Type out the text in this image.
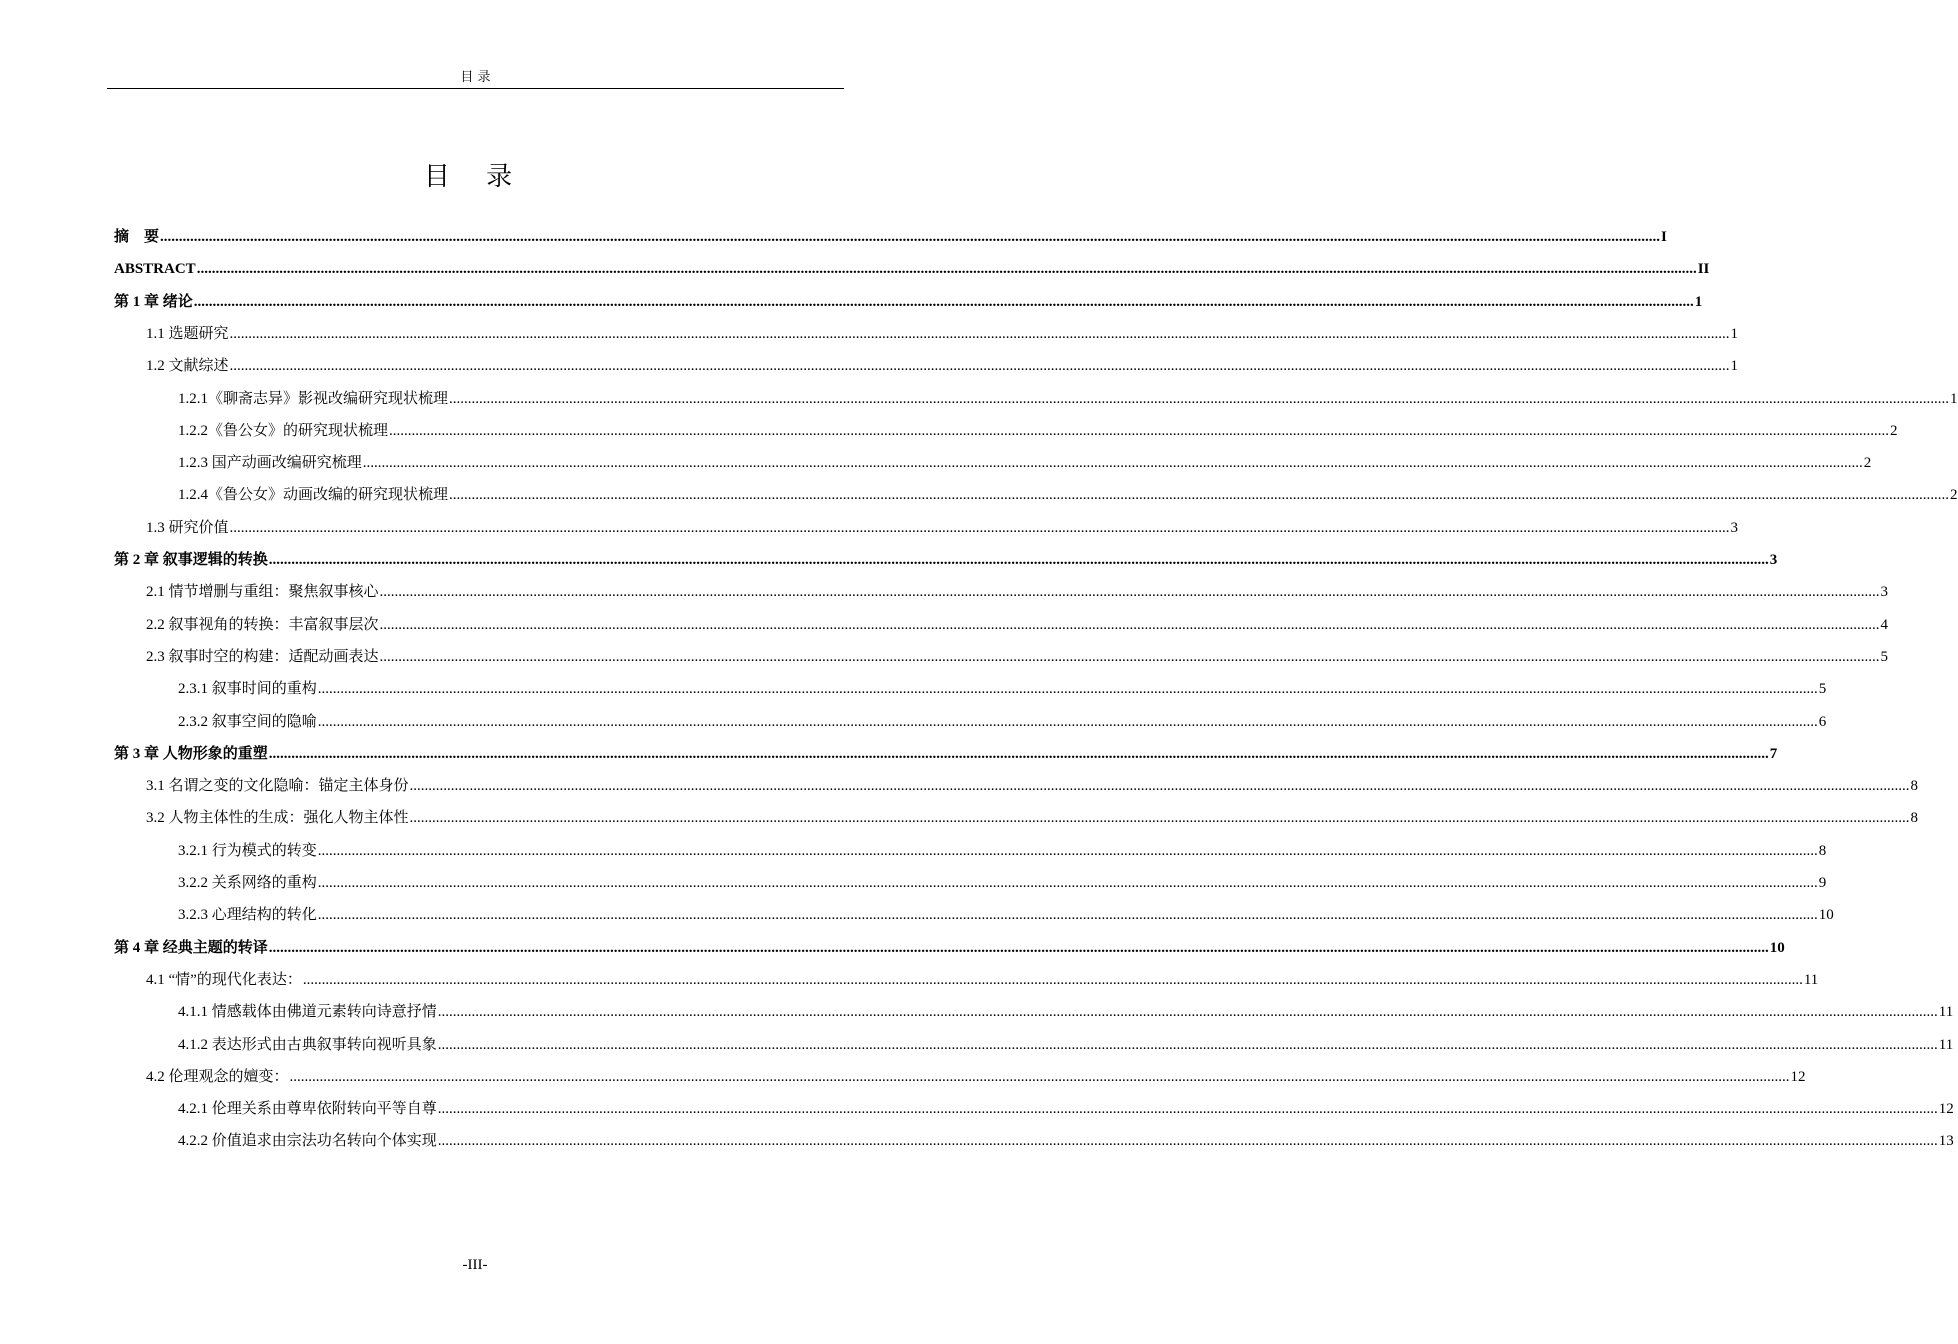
目 录
目 录
摘　要 ................................................................................................................................................................................................................................................................................................................................................................................................................ I
ABSTRACT ................................................................................................................................................................................................................................................................................................................................................................................................................ II
第 1 章 绪论 ................................................................................................................................................................................................................................................................................................................................................................................................................ 1
1.1 选题研究 ................................................................................................................................................................................................................................................................................................................................................................................................................ 1
1.2 文献综述 ................................................................................................................................................................................................................................................................................................................................................................................................................ 1
1.2.1《聊斋志异》影视改编研究现状梳理 ................................................................................................................................................................................................................................................................................................................................................................................................................ 1
1.2.2《鲁公女》的研究现状梳理 ................................................................................................................................................................................................................................................................................................................................................................................................................ 2
1.2.3 国产动画改编研究梳理 ................................................................................................................................................................................................................................................................................................................................................................................................................ 2
1.2.4《鲁公女》动画改编的研究现状梳理 ................................................................................................................................................................................................................................................................................................................................................................................................................ 2
1.3 研究价值 ................................................................................................................................................................................................................................................................................................................................................................................................................ 3
第 2 章 叙事逻辑的转换 ................................................................................................................................................................................................................................................................................................................................................................................................................ 3
2.1 情节增删与重组：聚焦叙事核心 ................................................................................................................................................................................................................................................................................................................................................................................................................ 3
2.2 叙事视角的转换：丰富叙事层次 ................................................................................................................................................................................................................................................................................................................................................................................................................ 4
2.3 叙事时空的构建：适配动画表达 ................................................................................................................................................................................................................................................................................................................................................................................................................ 5
2.3.1 叙事时间的重构 ................................................................................................................................................................................................................................................................................................................................................................................................................ 5
2.3.2 叙事空间的隐喻 ................................................................................................................................................................................................................................................................................................................................................................................................................ 6
第 3 章 人物形象的重塑 ................................................................................................................................................................................................................................................................................................................................................................................................................ 7
3.1 名谓之变的文化隐喻：锚定主体身份 ................................................................................................................................................................................................................................................................................................................................................................................................................ 8
3.2 人物主体性的生成：强化人物主体性 ................................................................................................................................................................................................................................................................................................................................................................................................................ 8
3.2.1 行为模式的转变 ................................................................................................................................................................................................................................................................................................................................................................................................................ 8
3.2.2 关系网络的重构 ................................................................................................................................................................................................................................................................................................................................................................................................................ 9
3.2.3 心理结构的转化 ................................................................................................................................................................................................................................................................................................................................................................................................................ 10
第 4 章 经典主题的转译 ................................................................................................................................................................................................................................................................................................................................................................................................................ 10
4.1 “情”的现代化表达： ................................................................................................................................................................................................................................................................................................................................................................................................................ 11
4.1.1 情感载体由佛道元素转向诗意抒情 ................................................................................................................................................................................................................................................................................................................................................................................................................ 11
4.1.2 表达形式由古典叙事转向视听具象 ................................................................................................................................................................................................................................................................................................................................................................................................................ 11
4.2 伦理观念的嬗变： ................................................................................................................................................................................................................................................................................................................................................................................................................ 12
4.2.1 伦理关系由尊卑依附转向平等自尊 ................................................................................................................................................................................................................................................................................................................................................................................................................ 12
4.2.2 价值追求由宗法功名转向个体实现 ................................................................................................................................................................................................................................................................................................................................................................................................................ 13
-III-
